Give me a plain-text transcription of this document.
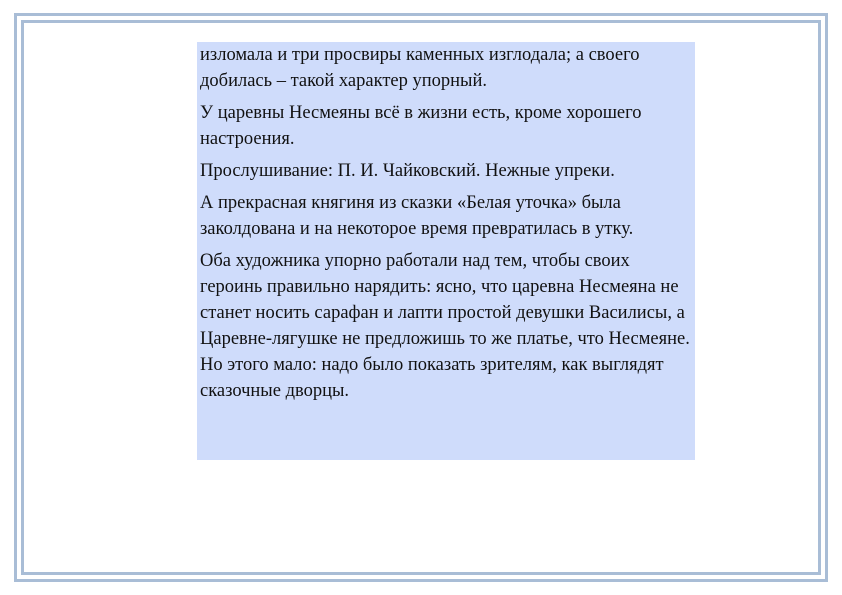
изломала и три просвиры каменных изглодала; а своего добилась – такой характер упорный.

У царевны Несмеяны всё в жизни есть, кроме хорошего настроения.

Прослушивание: П. И. Чайковский. Нежные упреки.

А прекрасная княгиня из сказки «Белая уточка» была заколдована и на некоторое время превратилась в утку.

Оба художника упорно работали над тем, чтобы своих героинь правильно нарядить: ясно, что царевна Несмеяна не станет носить сарафан и лапти простой девушки Василисы, а Царевне-лягушке не предложишь то же платье, что Несмеяне. Но этого мало: надо было показать зрителям, как выглядят сказочные дворцы.
